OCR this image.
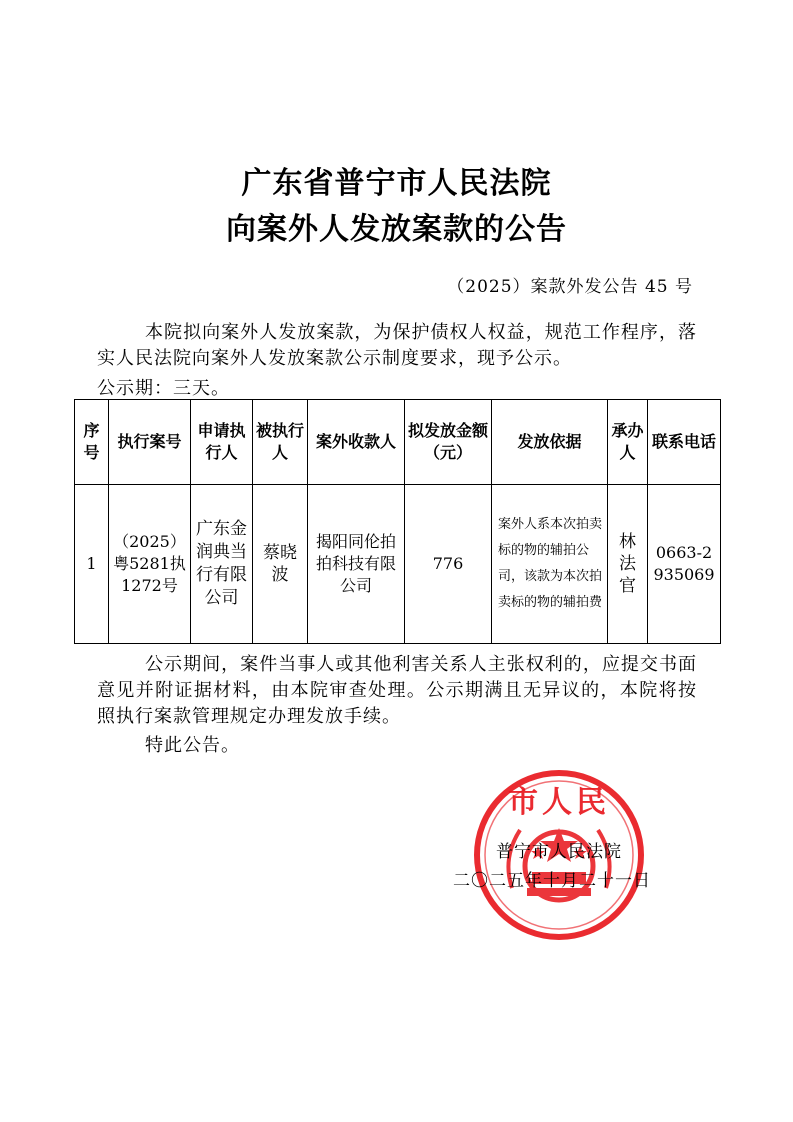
广东省普宁市人民法院
向案外人发放案款的公告
（2025）案款外发公告 45 号

本院拟向案外人发放案款，为保护债权人权益，规范工作程序，落实人民法院向案外人发放案款公示制度要求，现予公示。

公示期：三天。
序号	执行案号	申请执行人	被执行人	案外收款人	拟发放金额（元）	发放依据	承办人	联系电话
1	（2025）粤5281执1272号	广东金润典当行有限公司	蔡晓波	揭阳同伦拍拍科技有限公司	776	案外人系本次拍卖标的物的辅拍公司，该款为本次拍卖标的物的辅拍费	林法官	0663-2935069

公示期间，案件当事人或其他利害关系人主张权利的，应提交书面意见并附证据材料，由本院审查处理。公示期满且无异议的，本院将按照执行案款管理规定办理发放手续。

特此公告。

市人民
普宁市人民法院
二〇二五年十月二十一日
